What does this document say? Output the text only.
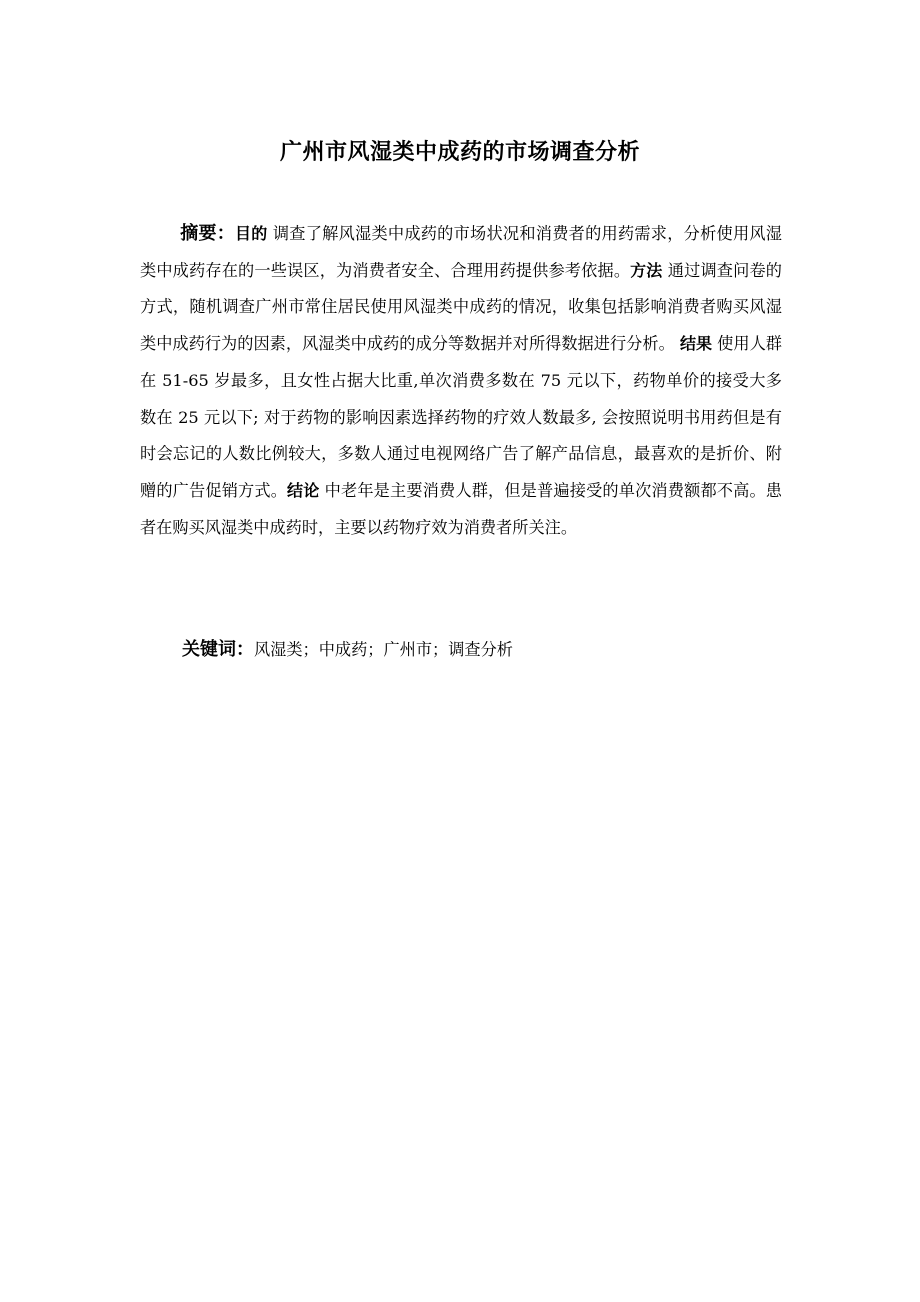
广州市风湿类中成药的市场调查分析

摘要：目的 调查了解风湿类中成药的市场状况和消费者的用药需求，分析使用风湿类中成药存在的一些误区，为消费者安全、合理用药提供参考依据。方法 通过调查问卷的方式，随机调查广州市常住居民使用风湿类中成药的情况，收集包括影响消费者购买风湿类中成药行为的因素，风湿类中成药的成分等数据并对所得数据进行分析。 结果 使用人群在 51-65 岁最多，且女性占据大比重,单次消费多数在 75 元以下，药物单价的接受大多数在 25 元以下; 对于药物的影响因素选择药物的疗效人数最多, 会按照说明书用药但是有时会忘记的人数比例较大，多数人通过电视网络广告了解产品信息，最喜欢的是折价、附赠的广告促销方式。结论 中老年是主要消费人群，但是普遍接受的单次消费额都不高。患者在购买风湿类中成药时，主要以药物疗效为消费者所关注。

关键词：风湿类；中成药；广州市；调查分析
